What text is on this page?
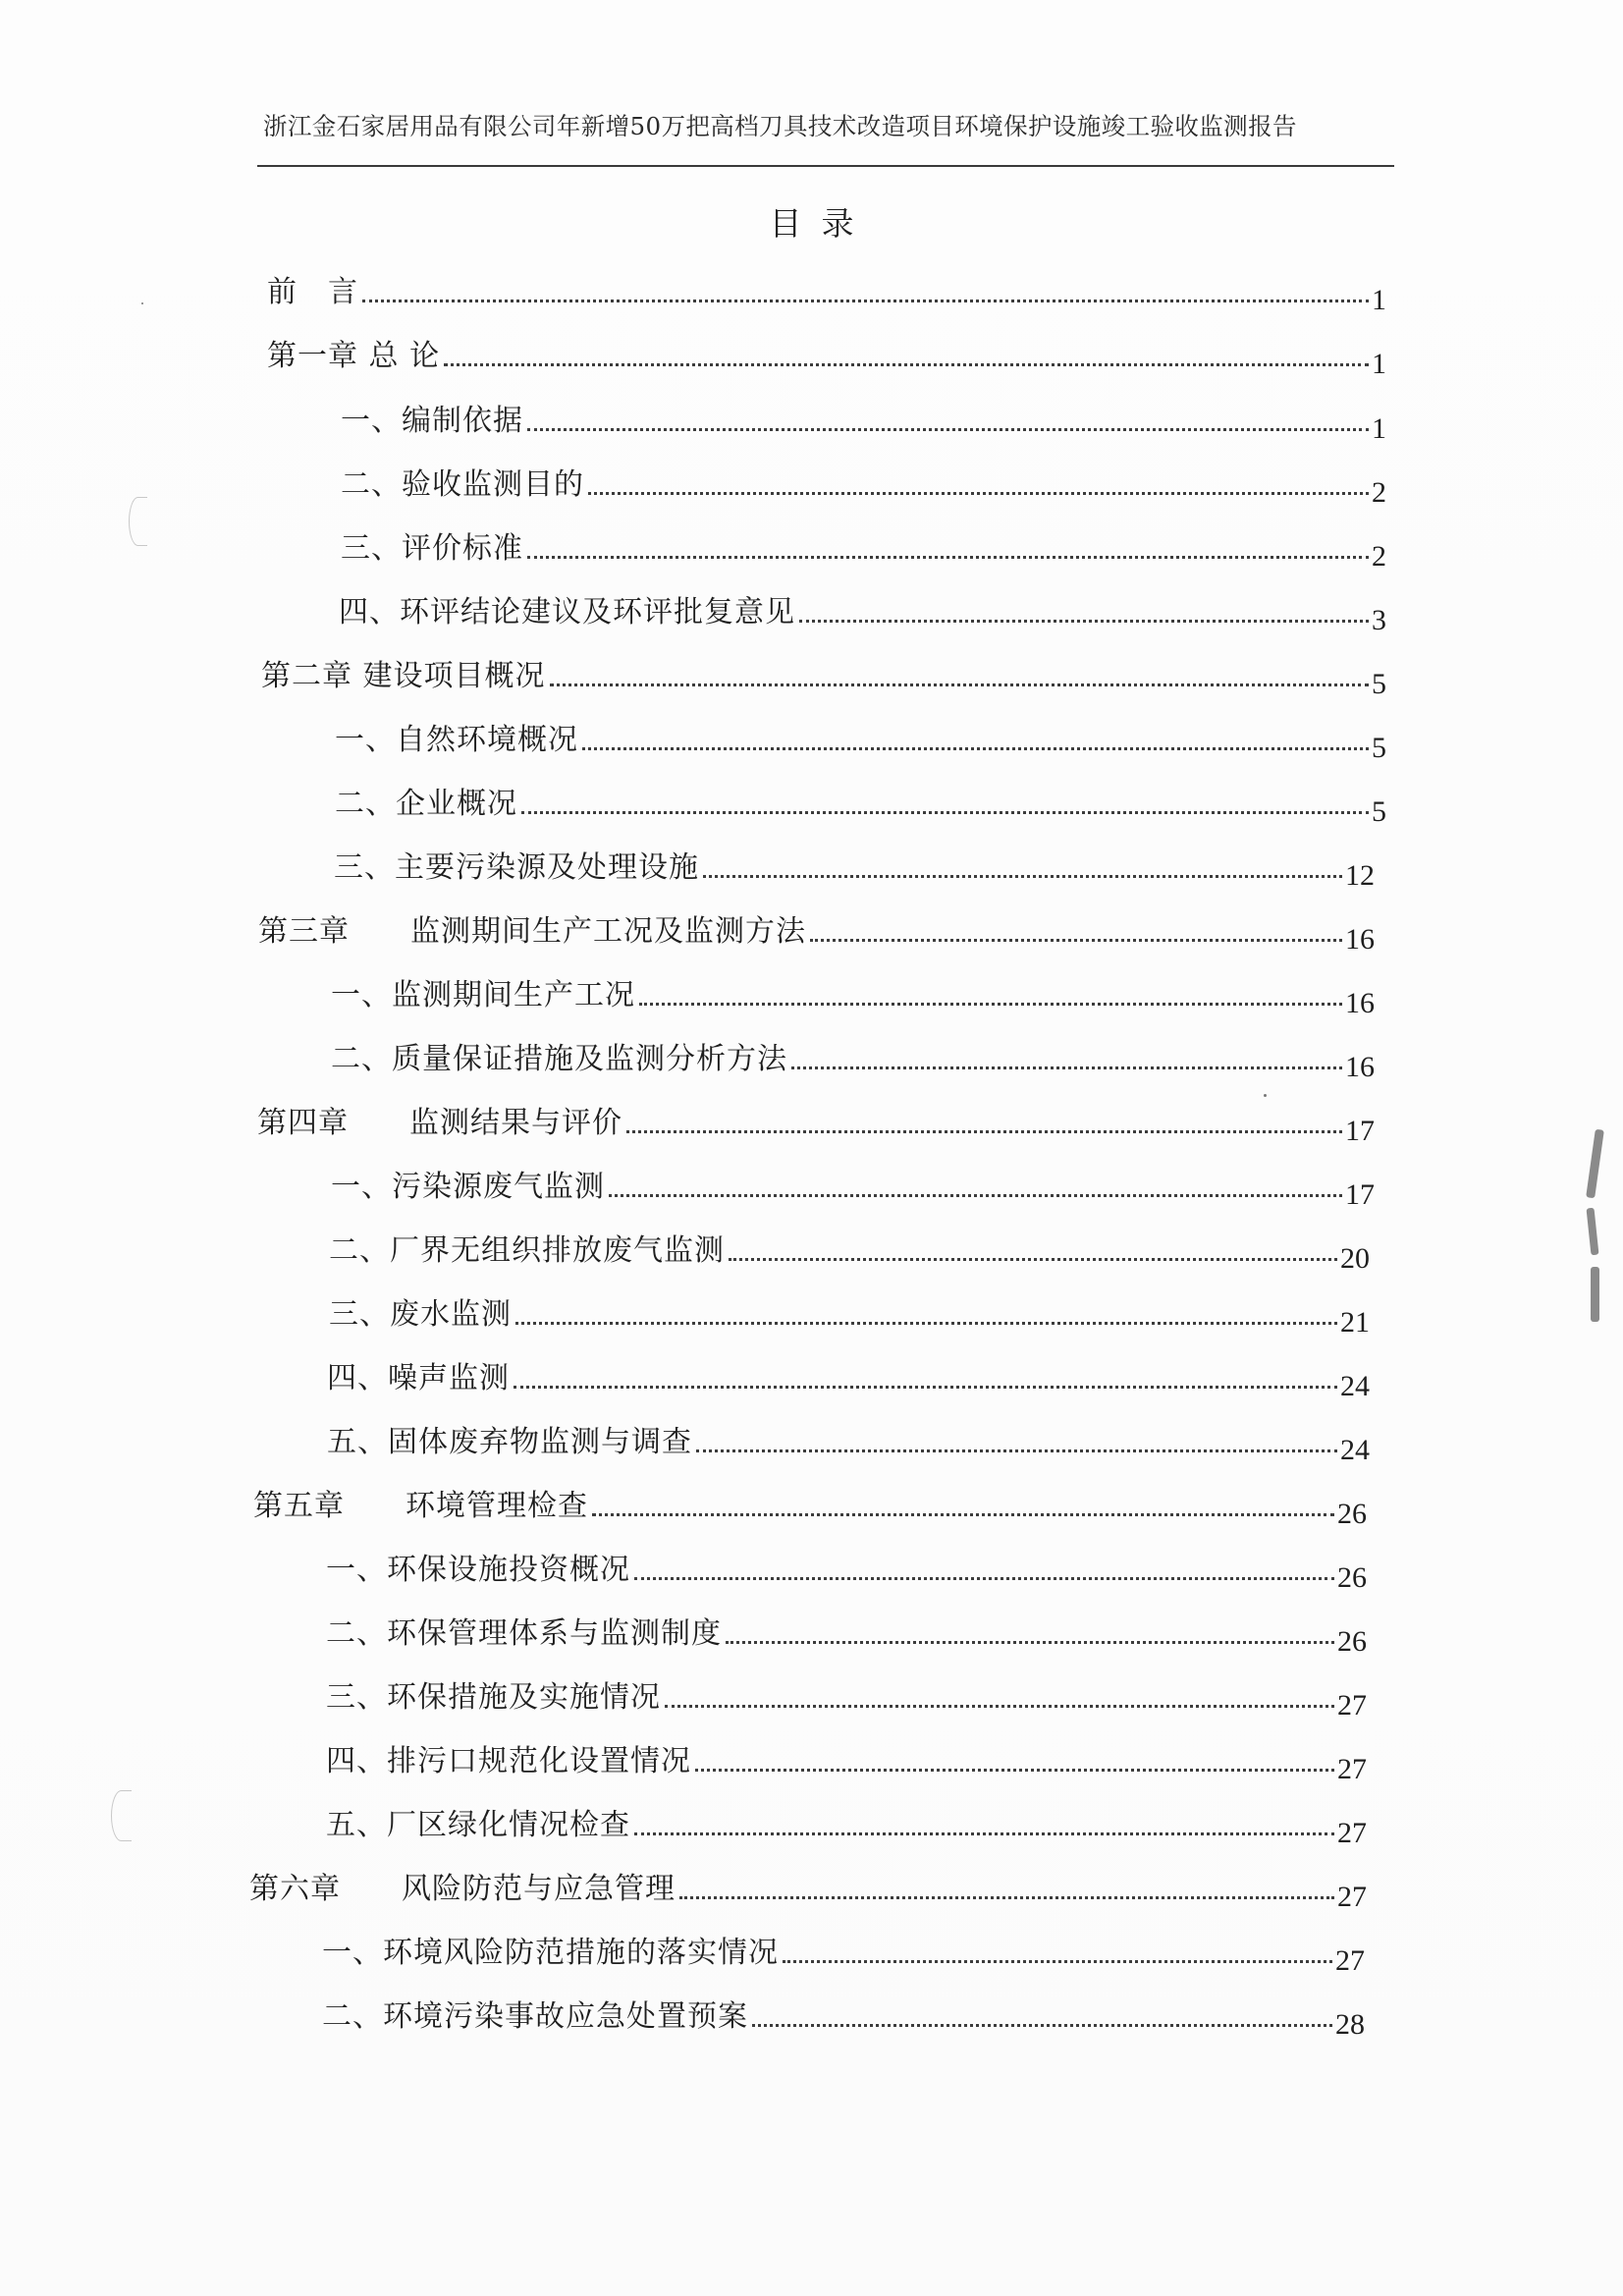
浙江金石家居用品有限公司年新增50万把高档刀具技术改造项目环境保护设施竣工验收监测报告
目录
前　言	1
第一章 总 论	1
一、编制依据	1
二、验收监测目的	2
三、评价标准	2
四、环评结论建议及环评批复意见	3
第二章 建设项目概况	5
一、自然环境概况	5
二、企业概况	5
三、主要污染源及处理设施	12
第三章　　监测期间生产工况及监测方法	16
一、监测期间生产工况	16
二、质量保证措施及监测分析方法	16
第四章　　监测结果与评价	17
一、污染源废气监测	17
二、厂界无组织排放废气监测	20
三、废水监测	21
四、噪声监测	24
五、固体废弃物监测与调查	24
第五章　　环境管理检查	26
一、环保设施投资概况	26
二、环保管理体系与监测制度	26
三、环保措施及实施情况	27
四、排污口规范化设置情况	27
五、厂区绿化情况检查	27
第六章　　风险防范与应急管理	27
一、环境风险防范措施的落实情况	27
二、环境污染事故应急处置预案	28
